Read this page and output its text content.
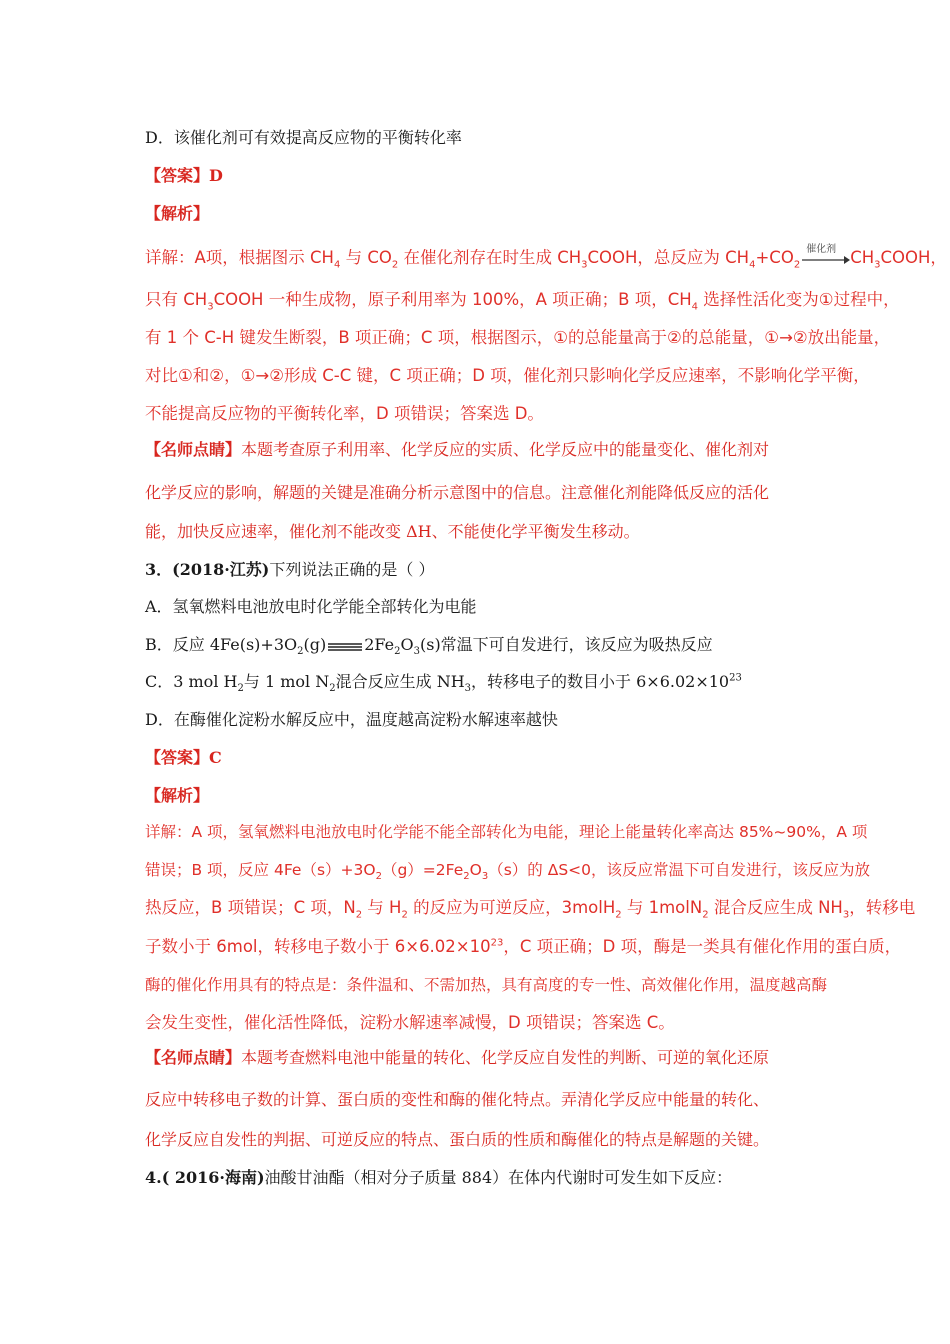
D．该催化剂可有效提高反应物的平衡转化率
【答案】D
【解析】
详解：A项，根据图示 $CH_4$ 与 $CO_2$ 在催化剂存在时生成 $CH_3COOH$，总反应为 $CH_4+CO_2$
催化剂 $CH_3COOH$，
只有 $CH_3COOH$ 一种生成物，原子利用率为 100%，A 项正确；B 项，$CH_4$ 选择性活化变为①过程中，
有 1 个 C-H 键发生断裂，B 项正确；C 项，根据图示，①的总能量高于②的总能量，①→②放出能量，
对比①和②，①→②形成 C-C 键，C 项正确；D 项，催化剂只影响化学反应速率，不影响化学平衡，
不能提高反应物的平衡转化率，D 项错误；答案选 D。
【名师点睛】本题考查原子利用率、化学反应的实质、化学反应中的能量变化、催化剂对
化学反应的影响，解题的关键是准确分析示意图中的信息。注意催化剂能降低反应的活化
能，加快反应速率，催化剂不能改变 ΔH、不能使化学平衡发生移动。
3．(2018·江苏)下列说法正确的是（ ）
A．氢氧燃料电池放电时化学能全部转化为电能
B．反应 $4Fe(s)+3O_2(g)$ $2Fe_2O_3(s)$常温下可自发进行，该反应为吸热反应
C．3 mol $H_2$与 1 mol $N_2$混合反应生成 $NH_3$，转移电子的数目小于 $6\times 6.02\times 10^{23}$
D．在酶催化淀粉水解反应中，温度越高淀粉水解速率越快
【答案】C
【解析】
详解：A 项，氢氧燃料电池放电时化学能不能全部转化为电能，理论上能量转化率高达 85%~90%，A 项
错误；B 项，反应 $4Fe(s)+3O_2(g)=2Fe_2O_3(s)$的 ΔS<0，该反应常温下可自发进行，该反应为放
热反应，B 项错误；C 项，$N_2$ 与 $H_2$ 的反应为可逆反应，3molH$_2$ 与 1molN$_2$ 混合反应生成 $NH_3$，转移电
子数小于 6mol，转移电子数小于 $6\times 6.02\times 10^{23}$，C 项正确；D 项，酶是一类具有催化作用的蛋白质，
酶的催化作用具有的特点是：条件温和、不需加热，具有高度的专一性、高效催化作用，温度越高酶
会发生变性，催化活性降低，淀粉水解速率减慢，D 项错误；答案选 C。
【名师点睛】本题考查燃料电池中能量的转化、化学反应自发性的判断、可逆的氧化还原
反应中转移电子数的计算、蛋白质的变性和酶的催化特点。弄清化学反应中能量的转化、
化学反应自发性的判据、可逆反应的特点、蛋白质的性质和酶催化的特点是解题的关键。
4.( 2016·海南)油酸甘油酯（相对分子质量 884）在体内代谢时可发生如下反应：
